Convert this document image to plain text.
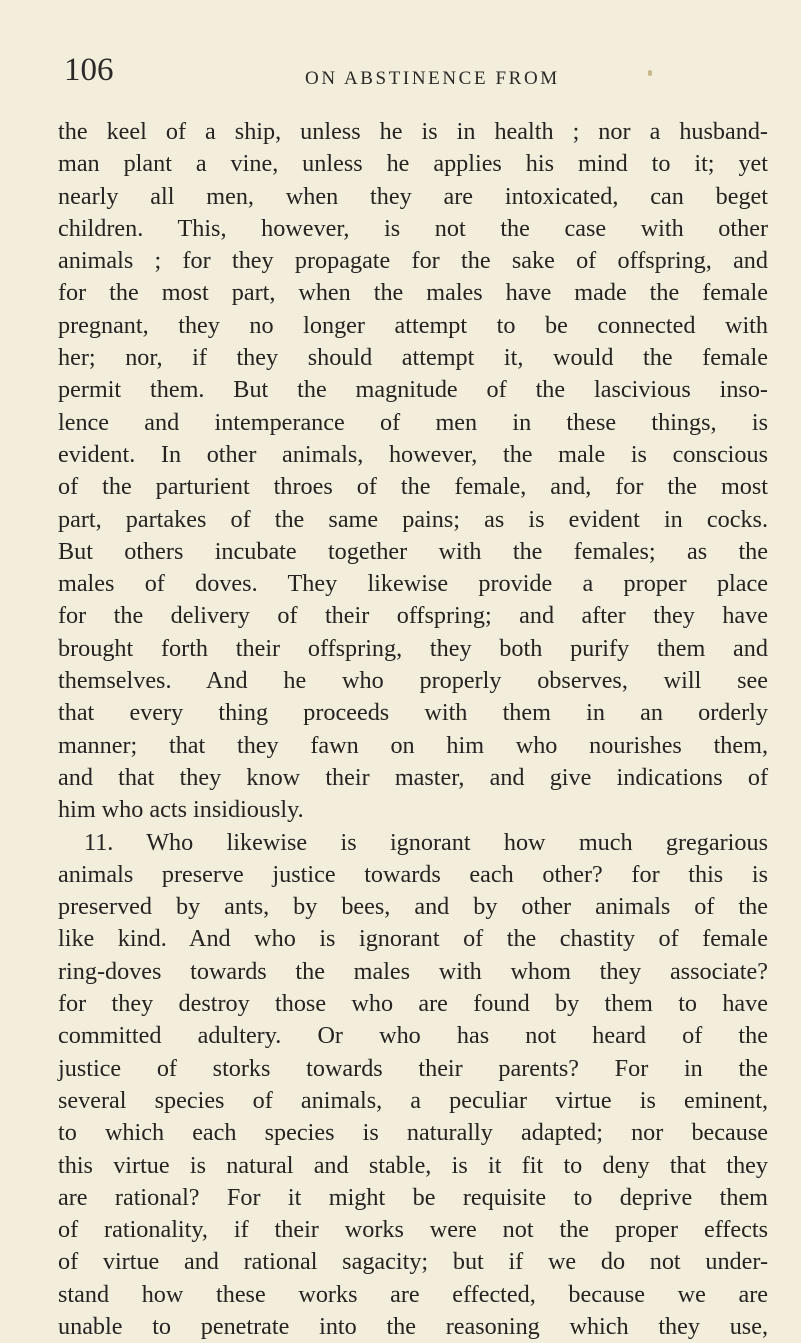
106	ON ABSTINENCE FROM
the keel of a ship, unless he is in health ; nor a husband-
man plant a vine, unless he applies his mind to it; yet
nearly all men, when they are intoxicated, can beget
children. This, however, is not the case with other
animals ; for they propagate for the sake of offspring, and
for the most part, when the males have made the female
pregnant, they no longer attempt to be connected with
her; nor, if they should attempt it, would the female
permit them. But the magnitude of the lascivious inso-
lence and intemperance of men in these things, is
evident. In other animals, however, the male is conscious
of the parturient throes of the female, and, for the most
part, partakes of the same pains; as is evident in cocks.
But others incubate together with the females; as the
males of doves. They likewise provide a proper place
for the delivery of their offspring; and after they have
brought forth their offspring, they both purify them and
themselves. And he who properly observes, will see
that every thing proceeds with them in an orderly
manner; that they fawn on him who nourishes them,
and that they know their master, and give indications of
him who acts insidiously.
11. Who likewise is ignorant how much gregarious
animals preserve justice towards each other? for this is
preserved by ants, by bees, and by other animals of the
like kind. And who is ignorant of the chastity of female
ring-doves towards the males with whom they associate?
for they destroy those who are found by them to have
committed adultery. Or who has not heard of the
justice of storks towards their parents? For in the
several species of animals, a peculiar virtue is eminent,
to which each species is naturally adapted; nor because
this virtue is natural and stable, is it fit to deny that they
are rational? For it might be requisite to deprive them
of rationality, if their works were not the proper effects
of virtue and rational sagacity; but if we do not under-
stand how these works are effected, because we are
unable to penetrate into the reasoning which they use,
